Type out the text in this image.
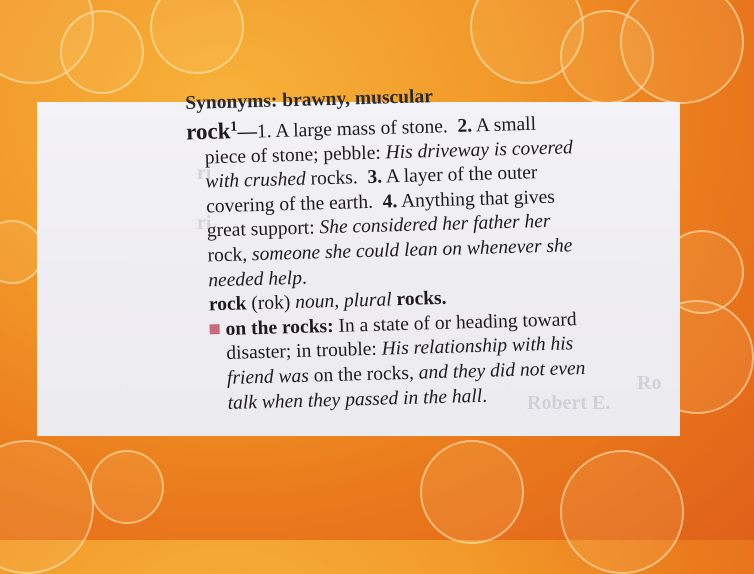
ri
ri
Ro
Robert E.
Synonyms: brawny, muscular
rock$^1$—1. A large mass of stone. 2. A small
piece of stone; pebble: His driveway is covered
with crushed rocks. 3. A layer of the outer
covering of the earth. 4. Anything that gives
great support: She considered her father her
rock, someone she could lean on whenever she
needed help.
rock (rok) noun, plural rocks.
on the rocks: In a state of or heading toward
disaster; in trouble: His relationship with his
friend was on the rocks, and they did not even
talk when they passed in the hall.
